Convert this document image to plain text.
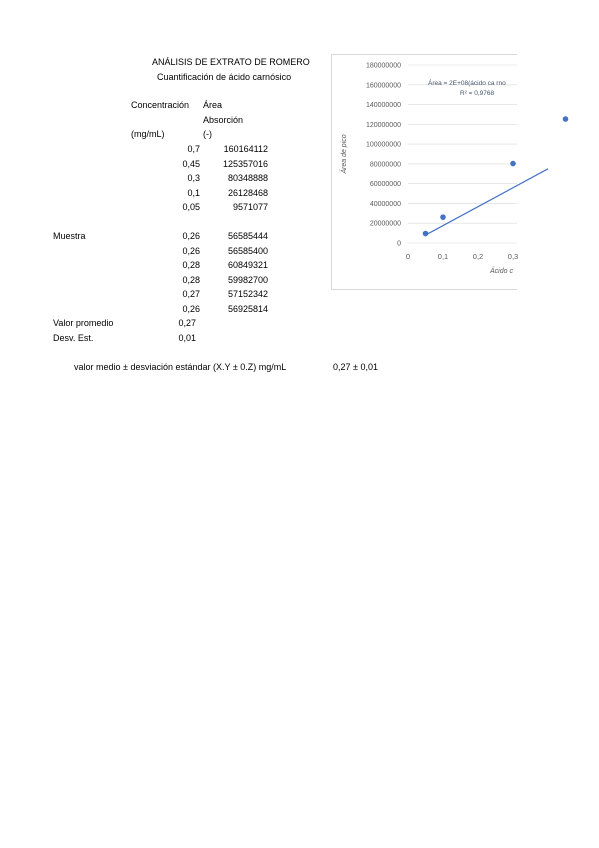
ANÁLISIS DE EXTRATO DE ROMERO
Cuantificación de ácido carnósico
Concentración Área
Absorción
(mg/mL)	(-)
0,7	160164112
0,45	125357016
0,3	80348888
0,1	26128468
0,05	9571077
Muestra	0,26	56585444
0,26	56585400
0,28	60849321
0,28	59982700
0,27	57152342
0,26	56925814
Valor promedio	0,27
Desv. Est.	0,01
valor medio ± desviación estándar (X.Y ± 0.Z) mg/mL	0,27 ± 0,01
0
20000000
40000000
60000000
80000000
100000000
120000000
140000000
160000000
180000000
0	0,1	0,2	0,3
Área de pico
Ácido c
Área = 2E+08(ácido ca rno
R² = 0,9768
